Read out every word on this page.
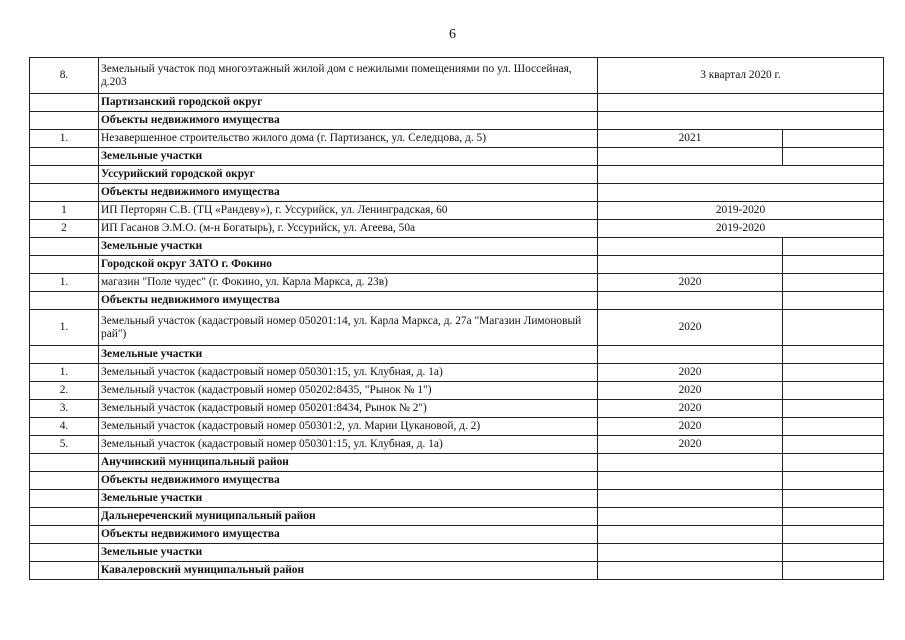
6
8.	Земельный участок под многоэтажный жилой дом с нежилыми помещениями по ул. Шоссейная, д.203	3 квартал 2020 г.	
	Партизанский городской округ		
	Объекты недвижимого имущества		
1.	Незавершенное строительство жилого дома (г. Партизанск, ул. Селедцова, д. 5)	2021	
	Земельные участки		
	Уссурийский городской округ		
	Объекты недвижимого имущества		
1	ИП Перторян С.В. (ТЦ «Рандеву»), г. Уссурийск, ул. Ленинградская, 60	2019-2020	
2	ИП Гасанов Э.М.О. (м-н Богатырь), г. Уссурийск, ул. Агеева, 50а	2019-2020	
	Земельные участки		
	Городской округ ЗАТО г. Фокино		
1.	магазин "Поле чудес" (г. Фокино, ул. Карла Маркса, д. 23в)	2020	
	Объекты недвижимого имущества		
1.	Земельный участок (кадастровый номер 050201:14, ул. Карла Маркса, д. 27а "Магазин Лимоновый рай")	2020	
	Земельные участки		
1.	Земельный участок (кадастровый номер 050301:15, ул. Клубная, д. 1а)	2020	
2.	Земельный участок (кадастровый номер 050202:8435, "Рынок № 1")	2020	
3.	Земельный участок (кадастровый номер 050201:8434, Рынок № 2")	2020	
4.	Земельный участок (кадастровый номер 050301:2, ул. Марии Цукановой, д. 2)	2020	
5.	Земельный участок (кадастровый номер 050301:15, ул. Клубная, д. 1а)	2020	
	Анучинский муниципальный район		
	Объекты недвижимого имущества		
	Земельные участки		
	Дальнереченский муниципальный район		
	Объекты недвижимого имущества		
	Земельные участки		
	Кавалеровский муниципальный район		
